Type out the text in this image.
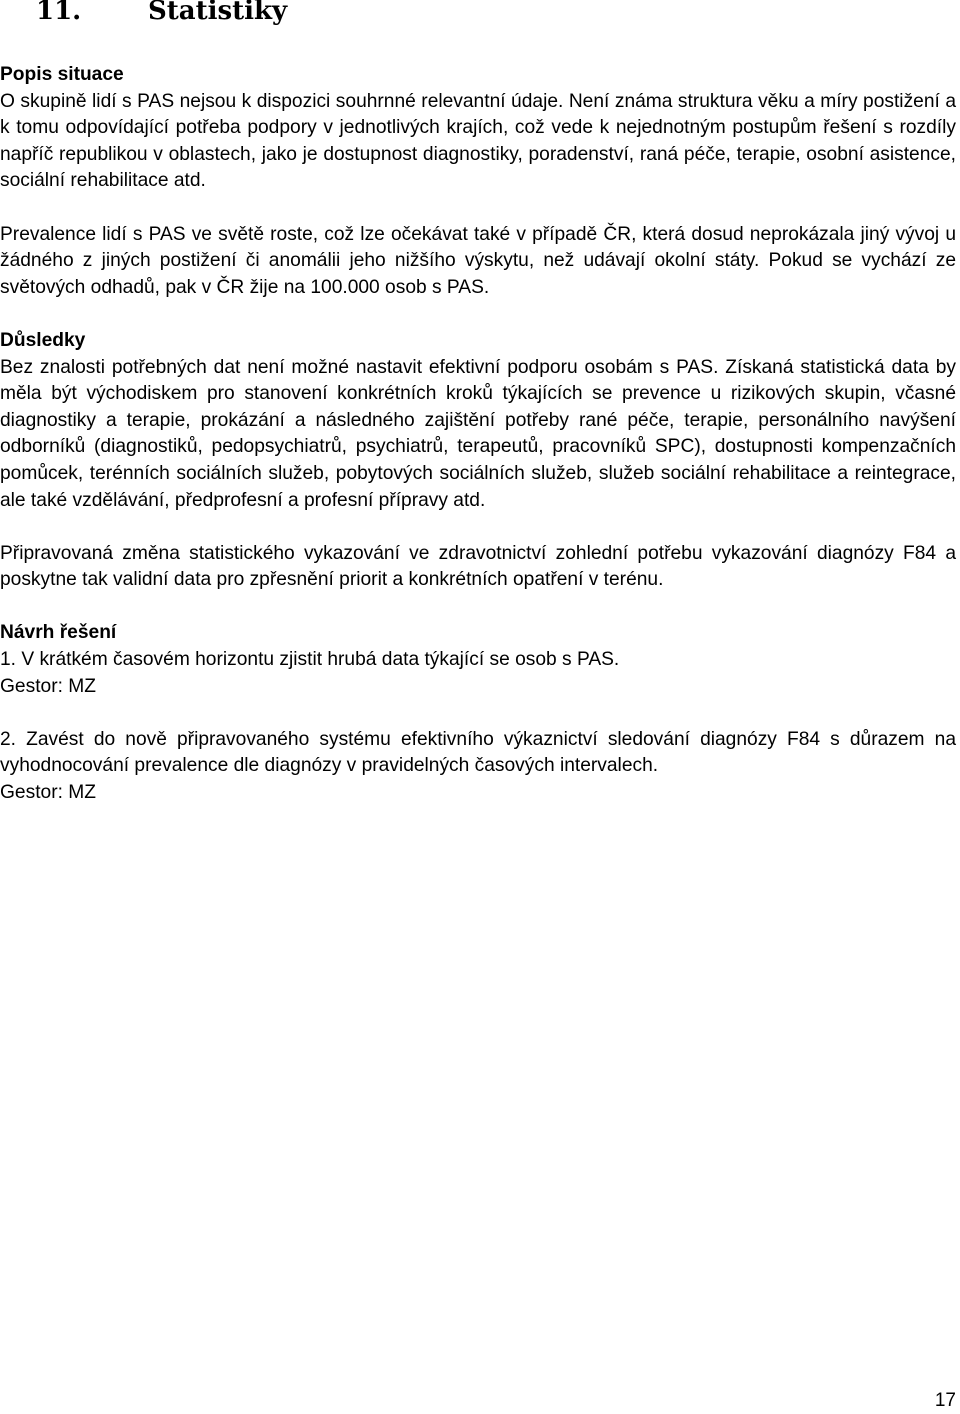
11.	Statistiky
Popis situace

O skupině lidí s PAS nejsou k dispozici souhrnné relevantní údaje. Není známa struktura věku a míry postižení a k tomu odpovídající potřeba podpory v jednotlivých krajích, což vede k nejednotným postupům řešení s rozdíly napříč republikou v oblastech, jako je dostupnost diagnostiky, poradenství, raná péče, terapie, osobní asistence, sociální rehabilitace atd.

Prevalence lidí s PAS ve světě roste, což lze očekávat také v případě ČR, která dosud neprokázala jiný vývoj u žádného z jiných postižení či anomálii jeho nižšího výskytu, než udávají okolní státy. Pokud se vychází ze světových odhadů, pak v ČR žije na 100.000 osob s PAS.

Důsledky

Bez znalosti potřebných dat není možné nastavit efektivní podporu osobám s PAS. Získaná statistická data by měla být východiskem pro stanovení konkrétních kroků týkajících se prevence u rizikových skupin, včasné diagnostiky a terapie, prokázání a následného zajištění potřeby rané péče, terapie, personálního navýšení odborníků (diagnostiků, pedopsychiatrů, psychiatrů, terapeutů, pracovníků SPC), dostupnosti kompenzačních pomůcek, terénních sociálních služeb, pobytových sociálních služeb, služeb sociální rehabilitace a reintegrace, ale také vzdělávání, předprofesní a profesní přípravy atd.

Připravovaná změna statistického vykazování ve zdravotnictví zohlední potřebu vykazování diagnózy F84 a poskytne tak validní data pro zpřesnění priorit a konkrétních opatření v terénu.

Návrh řešení

1. V krátkém časovém horizontu zjistit hrubá data týkající se osob s PAS.

Gestor: MZ

2. Zavést do nově připravovaného systému efektivního výkaznictví sledování diagnózy F84 s důrazem na vyhodnocování prevalence dle diagnózy v pravidelných časových intervalech.

Gestor: MZ

17
